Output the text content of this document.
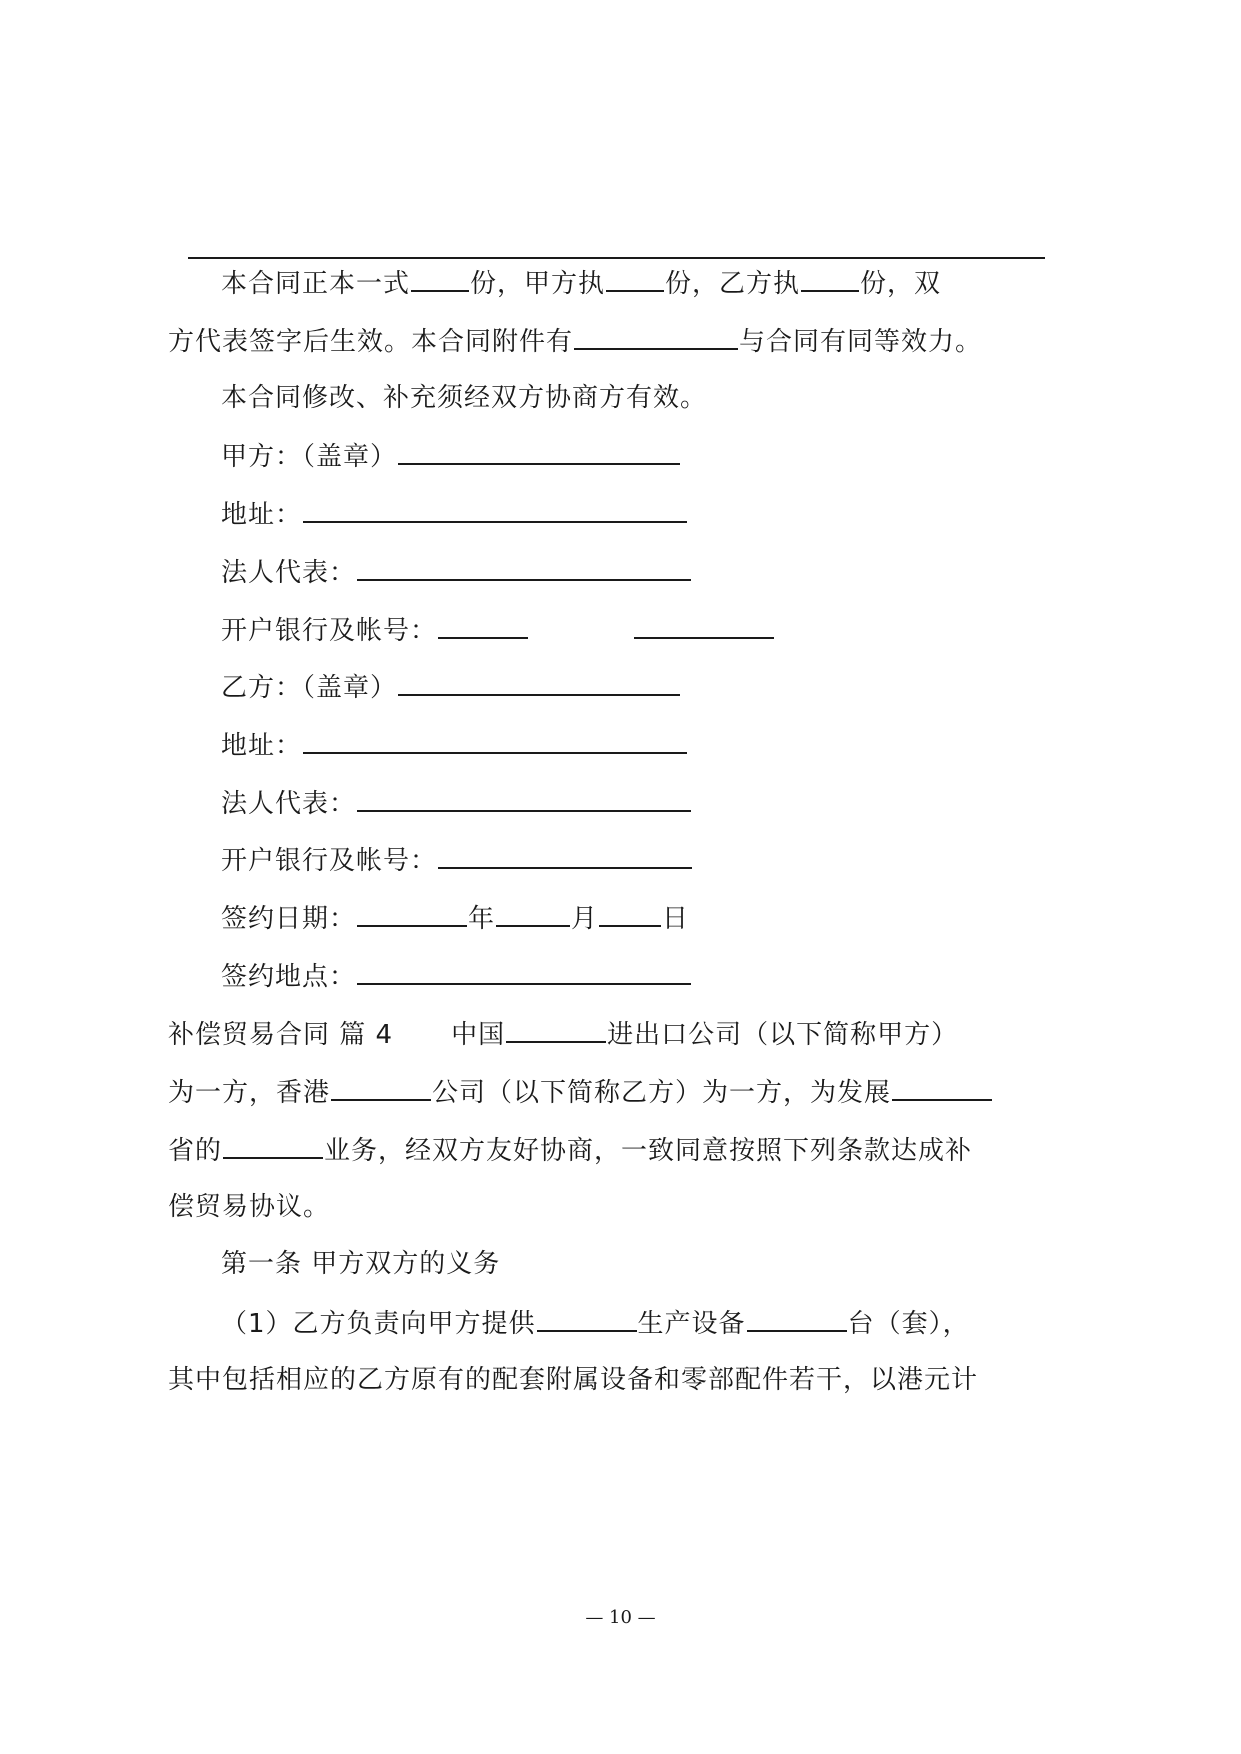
本合同正本一式 份，甲方执 份，乙方执 份，双
方代表签字后生效。本合同附件有	与合同有同等效力。
本合同修改、补充须经双方协商方有效。
甲方：（盖章）
地址：
法人代表：
开户银行及帐号：
乙方：（盖章）
地址：
法人代表：
开户银行及帐号：
签约日期：	年	月 日
签约地点：
补偿贸易合同 篇 4 中国	进出口公司（以下简称甲方）
为一方，香港	公司（以下简称乙方）为一方，为发展
省的	业务，经双方友好协商，一致同意按照下列条款达成补
偿贸易协议。
第一条 甲方双方的义务
（1）乙方负责向甲方提供	生产设备	台（套），
其中包括相应的乙方原有的配套附属设备和零部配件若干，以港元计
— 10 —
